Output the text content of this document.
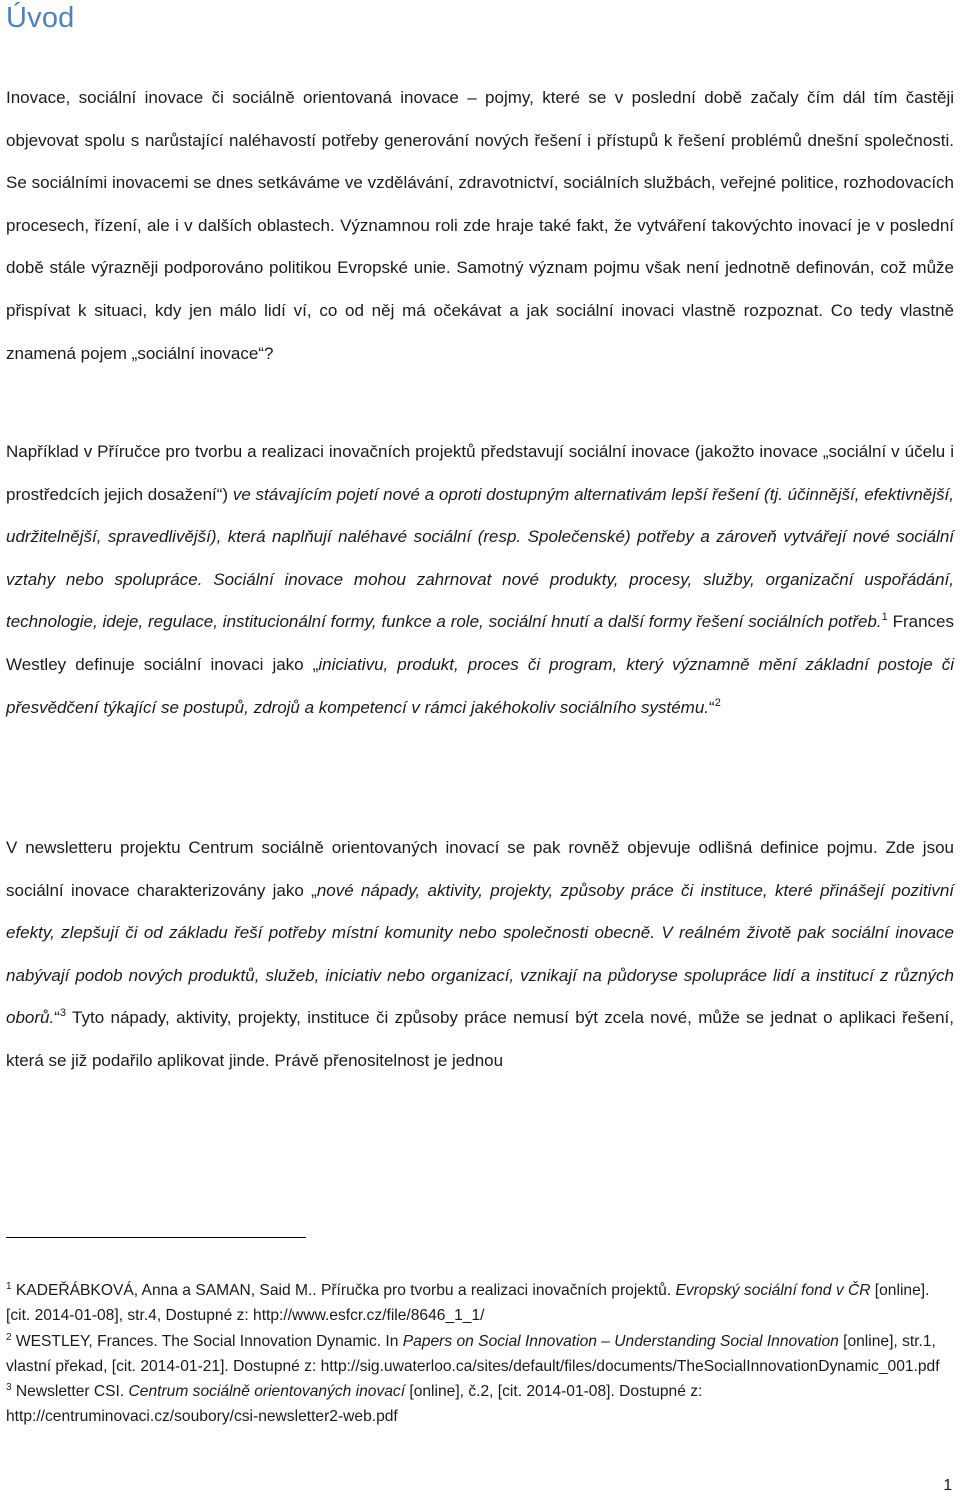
Úvod

Inovace, sociální inovace či sociálně orientovaná inovace – pojmy, které se v poslední době začaly čím dál tím častěji objevovat spolu s narůstající naléhavostí potřeby generování nových řešení i přístupů k řešení problémů dnešní společnosti. Se sociálními inovacemi se dnes setkáváme ve vzdělávání, zdravotnictví, sociálních službách, veřejné politice, rozhodovacích procesech, řízení, ale i v dalších oblastech. Významnou roli zde hraje také fakt, že vytváření takovýchto inovací je v poslední době stále výrazněji podporováno politikou Evropské unie. Samotný význam pojmu však není jednotně definován, což může přispívat k situaci, kdy jen málo lidí ví, co od něj má očekávat a jak sociální inovaci vlastně rozpoznat. Co tedy vlastně znamená pojem „sociální inovace“?

Například v Příručce pro tvorbu a realizaci inovačních projektů představují sociální inovace (jakožto inovace „sociální v účelu i prostředcích jejich dosažení“) ve stávajícím pojetí nové a oproti dostupným alternativám lepší řešení (tj. účinnější, efektivnější, udržitelnější, spravedlivější), která naplňují naléhavé sociální (resp. Společenské) potřeby a zároveň vytvářejí nové sociální vztahy nebo spolupráce. Sociální inovace mohou zahrnovat nové produkty, procesy, služby, organizační uspořádání, technologie, ideje, regulace, institucionální formy, funkce a role, sociální hnutí a další formy řešení sociálních potřeb.$^1$ Frances Westley definuje sociální inovaci jako „iniciativu, produkt, proces či program, který významně mění základní postoje či přesvědčení týkající se postupů, zdrojů a kompetencí v rámci jakéhokoliv sociálního systému.“$^2$

V newsletteru projektu Centrum sociálně orientovaných inovací se pak rovněž objevuje odlišná definice pojmu. Zde jsou sociální inovace charakterizovány jako „nové nápady, aktivity, projekty, způsoby práce či instituce, které přinášejí pozitivní efekty, zlepšují či od základu řeší potřeby místní komunity nebo společnosti obecně. V reálném životě pak sociální inovace nabývají podob nových produktů, služeb, iniciativ nebo organizací, vznikají na půdoryse spolupráce lidí a institucí z různých oborů.“$^3$ Tyto nápady, aktivity, projekty, instituce či způsoby práce nemusí být zcela nové, může se jednat o aplikaci řešení, která se již podařilo aplikovat jinde. Právě přenositelnost je jednou

$^1$ KADEŘÁBKOVÁ, Anna a SAMAN, Said M.. Příručka pro tvorbu a realizaci inovačních projektů. Evropský sociální fond v ČR [online]. [cit. 2014-01-08], str.4, Dostupné z: http://www.esfcr.cz/file/8646_1_1/

$^2$ WESTLEY, Frances. The Social Innovation Dynamic. In Papers on Social Innovation – Understanding Social Innovation [online], str.1, vlastní překad, [cit. 2014-01-21]. Dostupné z: http://sig.uwaterloo.ca/sites/default/files/documents/TheSocialInnovationDynamic_001.pdf

$^3$ Newsletter CSI. Centrum sociálně orientovaných inovací [online], č.2, [cit. 2014-01-08]. Dostupné z: http://centruminovaci.cz/soubory/csi-newsletter2-web.pdf

1
